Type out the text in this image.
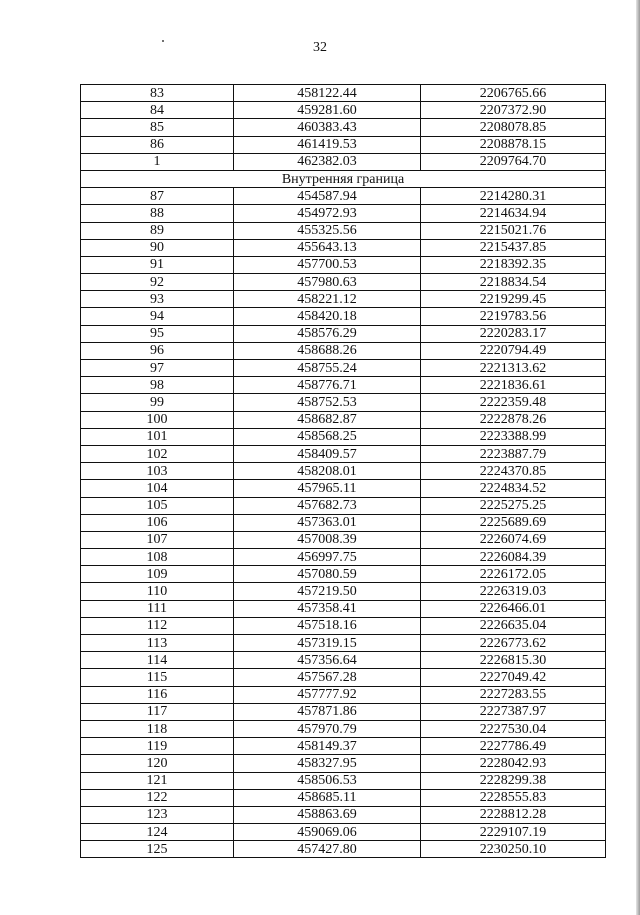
32
83	458122.44	2206765.66
84	459281.60	2207372.90
85	460383.43	2208078.85
86	461419.53	2208878.15
1	462382.03	2209764.70
Внутренняя граница		
87	454587.94	2214280.31
88	454972.93	2214634.94
89	455325.56	2215021.76
90	455643.13	2215437.85
91	457700.53	2218392.35
92	457980.63	2218834.54
93	458221.12	2219299.45
94	458420.18	2219783.56
95	458576.29	2220283.17
96	458688.26	2220794.49
97	458755.24	2221313.62
98	458776.71	2221836.61
99	458752.53	2222359.48
100	458682.87	2222878.26
101	458568.25	2223388.99
102	458409.57	2223887.79
103	458208.01	2224370.85
104	457965.11	2224834.52
105	457682.73	2225275.25
106	457363.01	2225689.69
107	457008.39	2226074.69
108	456997.75	2226084.39
109	457080.59	2226172.05
110	457219.50	2226319.03
111	457358.41	2226466.01
112	457518.16	2226635.04
113	457319.15	2226773.62
114	457356.64	2226815.30
115	457567.28	2227049.42
116	457777.92	2227283.55
117	457871.86	2227387.97
118	457970.79	2227530.04
119	458149.37	2227786.49
120	458327.95	2228042.93
121	458506.53	2228299.38
122	458685.11	2228555.83
123	458863.69	2228812.28
124	459069.06	2229107.19
125	457427.80	2230250.10
